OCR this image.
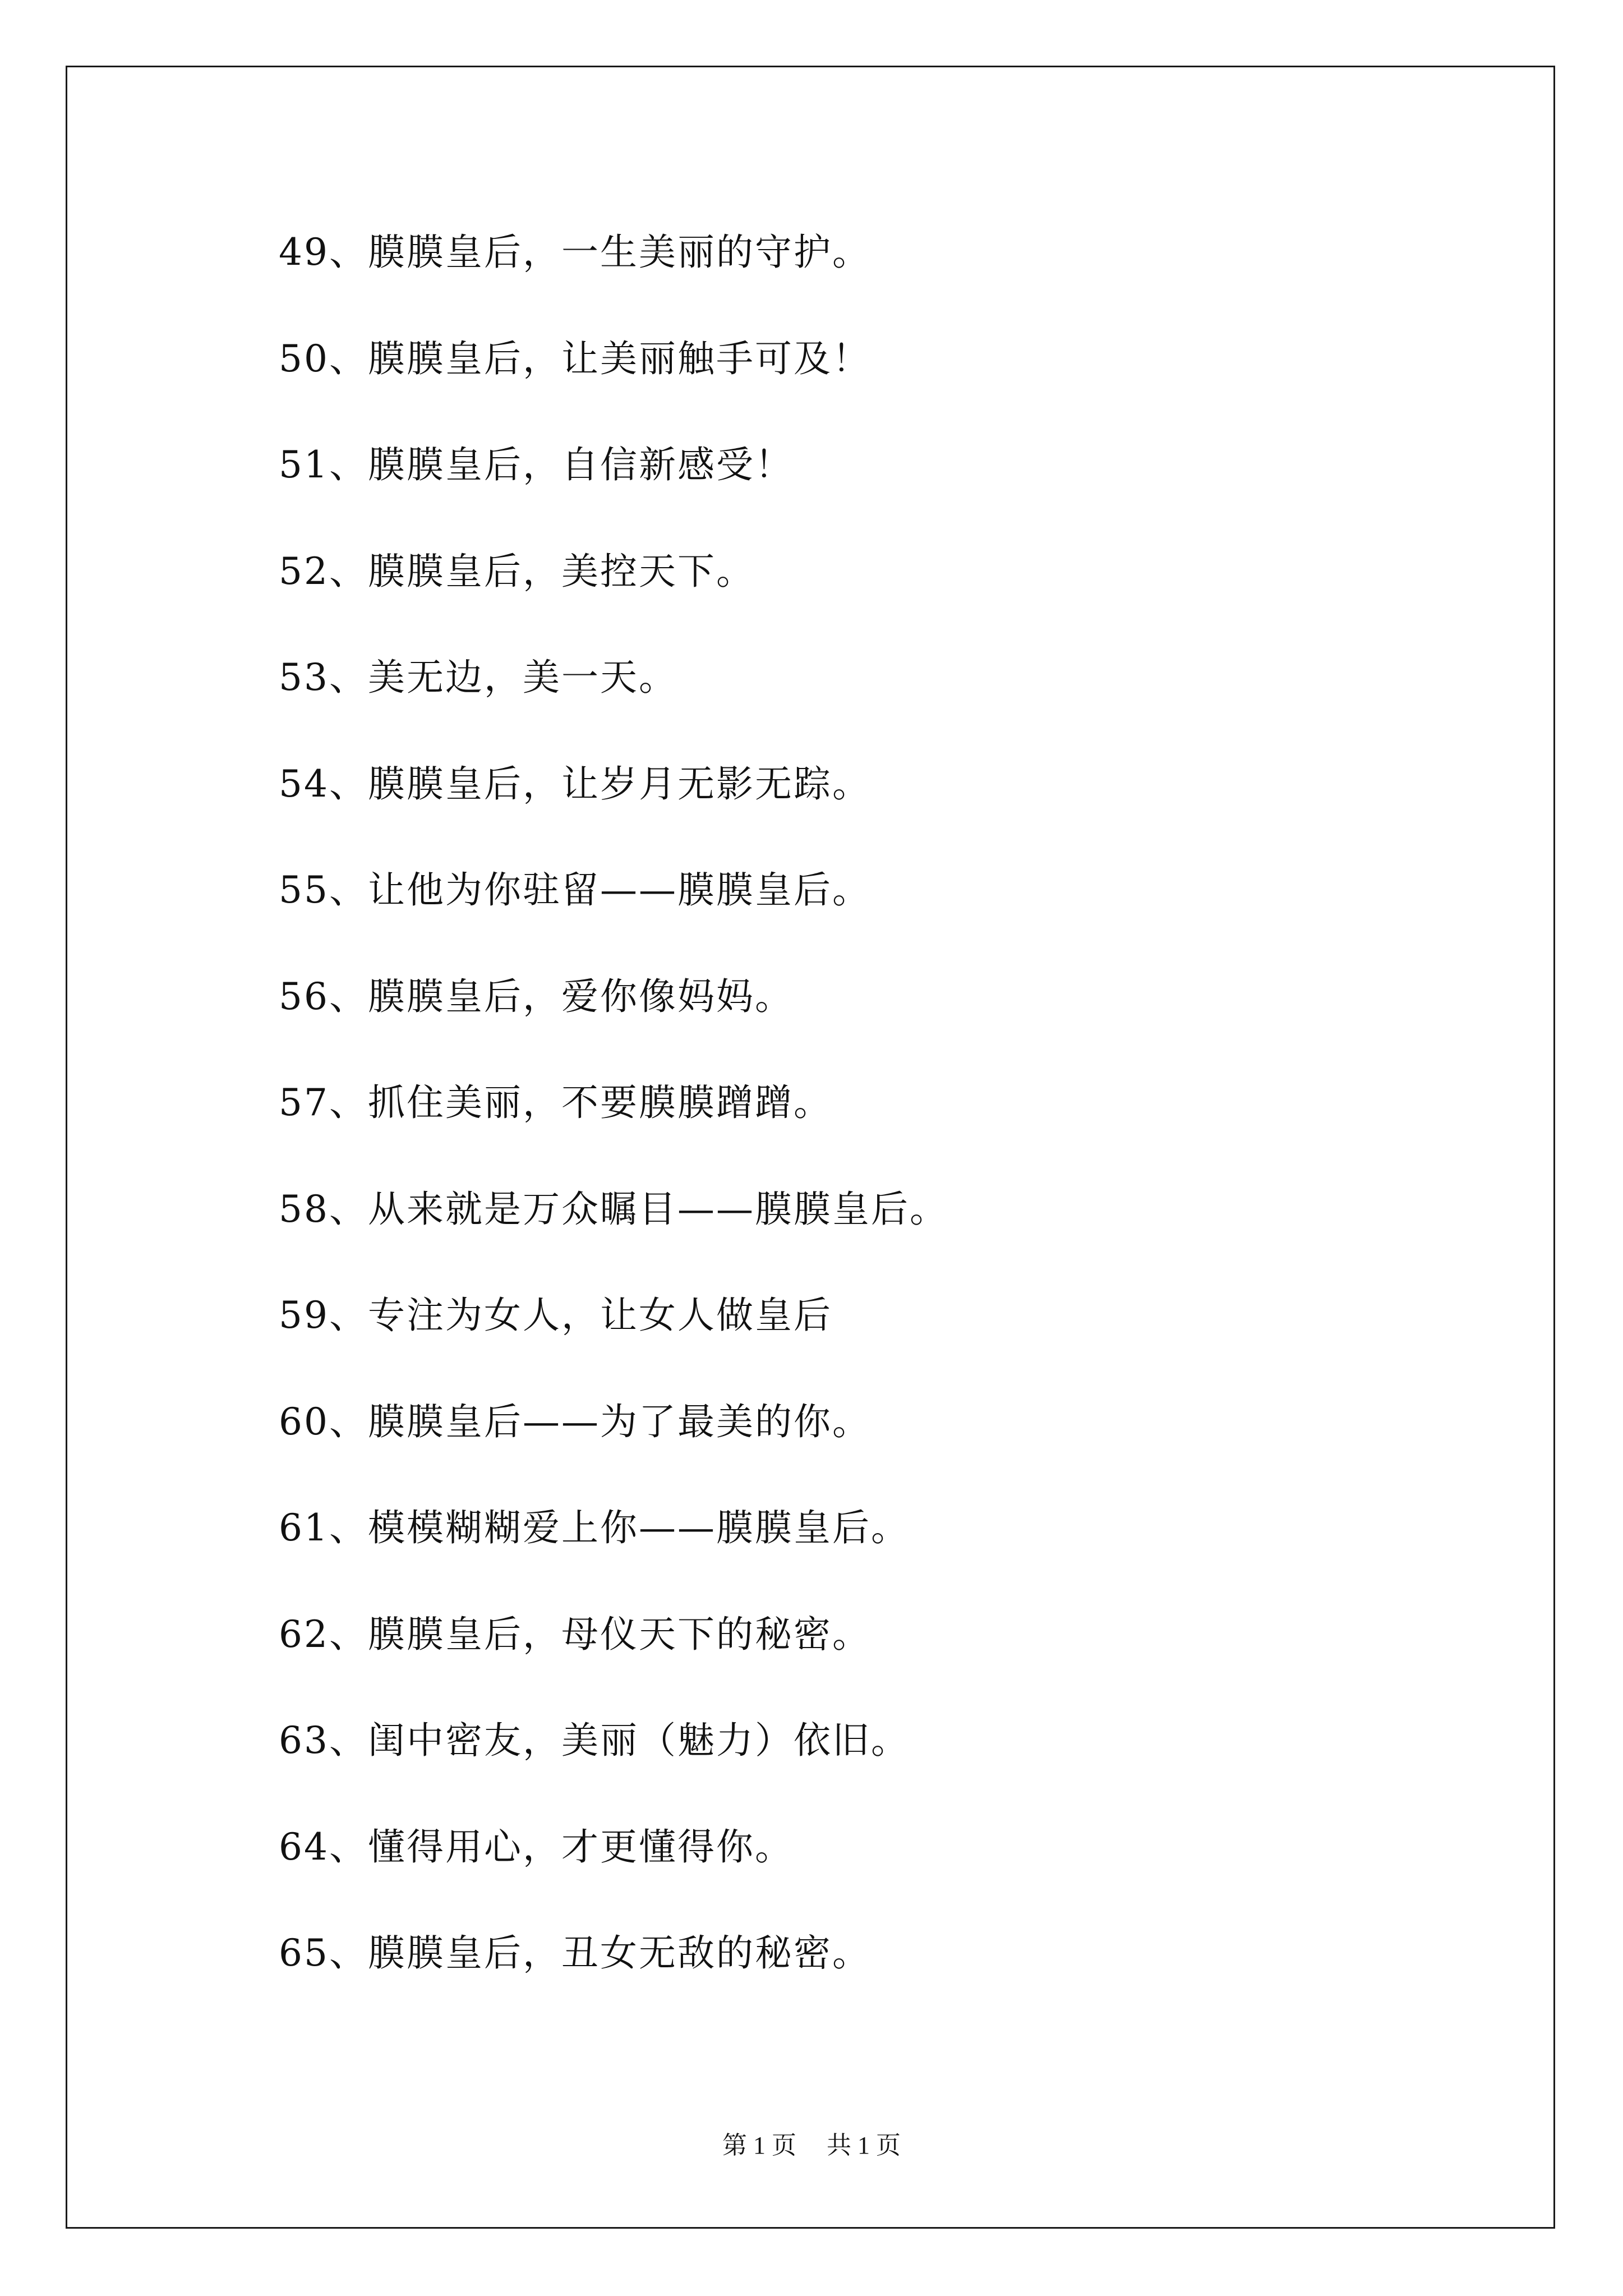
49、膜膜皇后，一生美丽的守护。
50、膜膜皇后，让美丽触手可及！
51、膜膜皇后，自信新感受！
52、膜膜皇后，美控天下。
53、美无边，美一天。
54、膜膜皇后，让岁月无影无踪。
55、让他为你驻留——膜膜皇后。
56、膜膜皇后，爱你像妈妈。
57、抓住美丽，不要膜膜蹭蹭。
58、从来就是万众瞩目——膜膜皇后。
59、专注为女人，让女人做皇后
60、膜膜皇后——为了最美的你。
61、模模糊糊爱上你——膜膜皇后。
62、膜膜皇后，母仪天下的秘密。
63、闺中密友，美丽（魅力）依旧。
64、懂得用心，才更懂得你。
65、膜膜皇后，丑女无敌的秘密。
第 1 页 共 1 页
